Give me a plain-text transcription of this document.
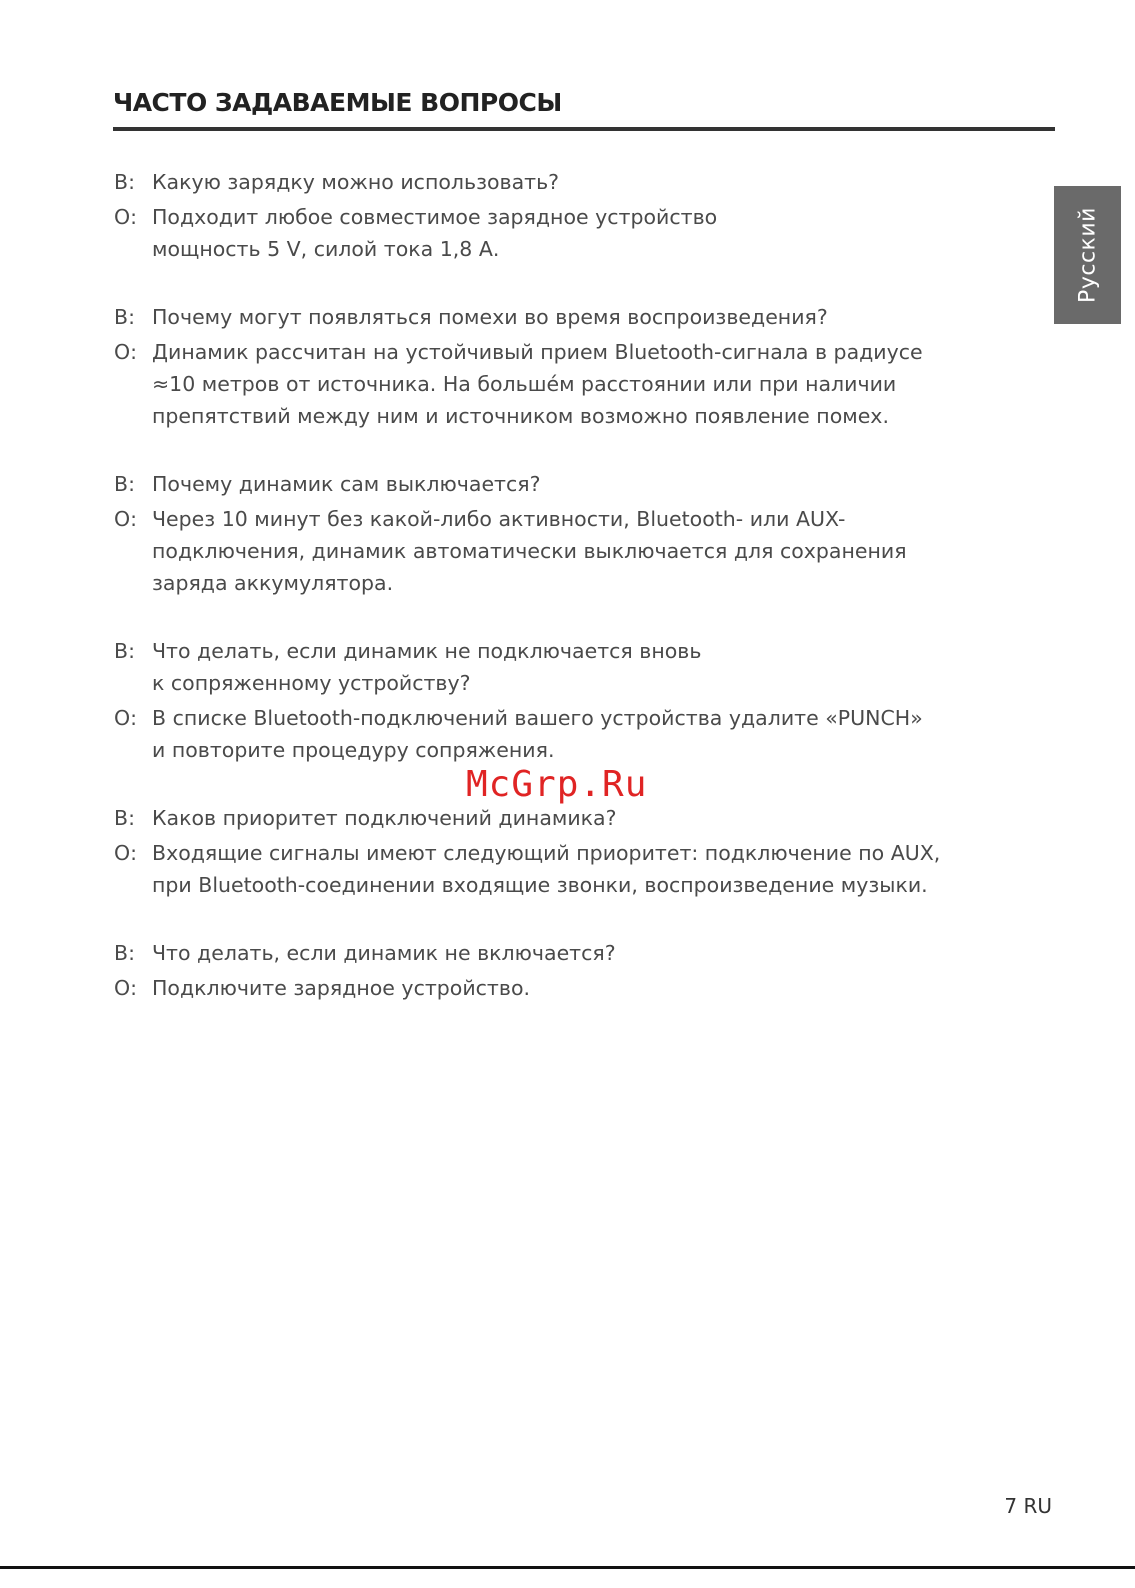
ЧАСТО ЗАДАВАЕМЫЕ ВОПРОСЫ
Русский
В: Какую зарядку можно использовать?
О: Подходит любое совместимое зарядное устройство
мощность 5 V, силой тока 1,8 А.
В: Почему могут появляться помехи во время воспроизведения?
О: Динамик рассчитан на устойчивый прием Bluetooth-сигнала в радиусе
≈10 метров от источника. На большéм расстоянии или при наличии
препятствий между ним и источником возможно появление помех.
В: Почему динамик сам выключается?
О: Через 10 минут без какой-либо активности, Bluetooth- или AUX-
подключения, динамик автоматически выключается для сохранения
заряда аккумулятора.
В: Что делать, если динамик не подключается вновь
к сопряженному устройству?
О: В списке Bluetooth-подключений вашего устройства удалите «PUNCH»
и повторите процедуру сопряжения.
В: Каков приоритет подключений динамика?
О: Входящие сигналы имеют следующий приоритет: подключение по AUX,
при Bluetooth-соединении входящие звонки, воспроизведение музыки.
В: Что делать, если динамик не включается?
О: Подключите зарядное устройство.
McGrp.Ru
7 RU
